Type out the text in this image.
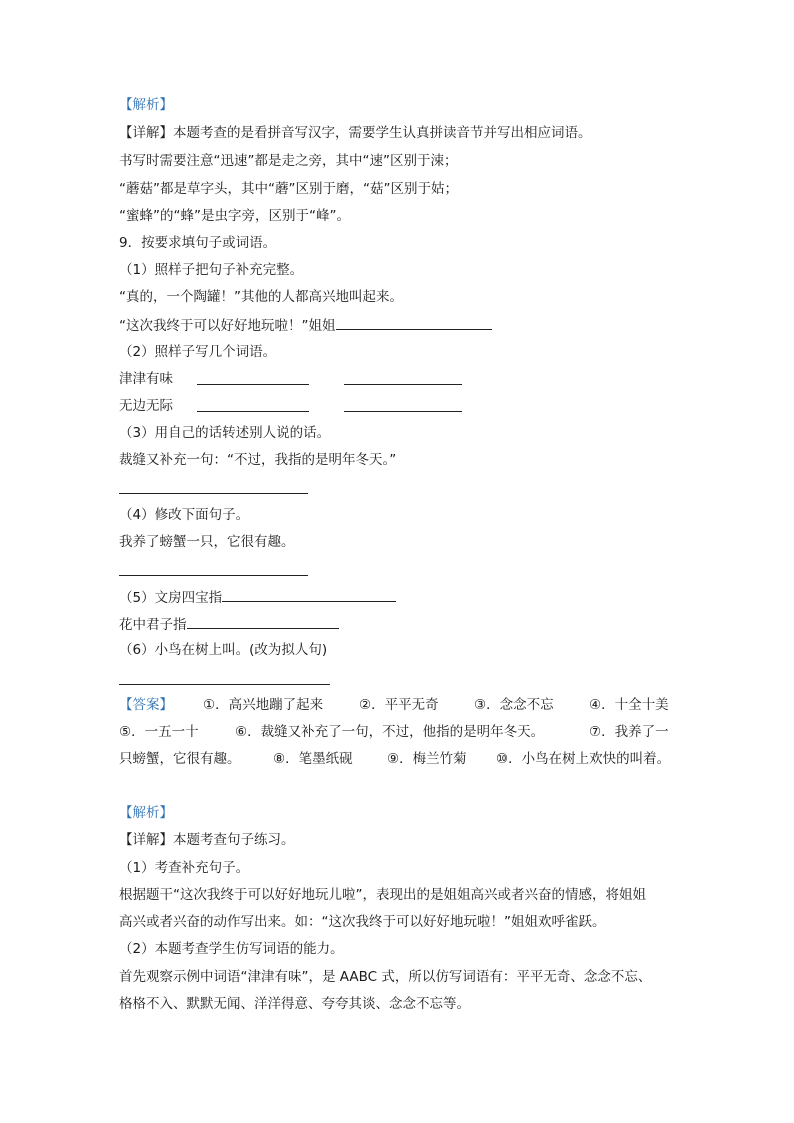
【解析】
【详解】本题考查的是看拼音写汉字，需要学生认真拼读音节并写出相应词语。
书写时需要注意“迅速”都是走之旁，其中“速”区别于涑；
“蘑菇”都是草字头，其中“蘑”区别于磨，“菇”区别于姑；
“蜜蜂”的“蜂”是虫字旁，区别于“峰”。
9．按要求填句子或词语。
（1）照样子把句子补充完整。
“真的，一个陶罐！”其他的人都高兴地叫起来。
“这次我终于可以好好地玩啦！”姐姐
（2）照样子写几个词语。
津津有味
无边无际
（3）用自己的话转述别人说的话。
裁缝又补充一句：“不过，我指的是明年冬天。”
（4）修改下面句子。
我养了螃蟹一只，它很有趣。
（5）文房四宝指
花中君子指
（6）小鸟在树上叫。(改为拟人句)
【答案】 ①．高兴地蹦了起来	②．平平无奇	③．念念不忘	④．十全十美
⑤．一五一十	⑥．裁缝又补充了一句，不过，他指的是明年冬天。	⑦．我养了一
只螃蟹，它很有趣。 ⑧．笔墨纸砚	⑨．梅兰竹菊 ⑩．小鸟在树上欢快的叫着。
【解析】
【详解】本题考查句子练习。
（1）考查补充句子。
根据题干“这次我终于可以好好地玩儿啦”，表现出的是姐姐高兴或者兴奋的情感，将姐姐
高兴或者兴奋的动作写出来。如：“这次我终于可以好好地玩啦！”姐姐欢呼雀跃。
（2）本题考查学生仿写词语的能力。
首先观察示例中词语“津津有味”，是 AABC 式，所以仿写词语有：平平无奇、念念不忘、
格格不入、默默无闻、洋洋得意、夸夸其谈、念念不忘等。
